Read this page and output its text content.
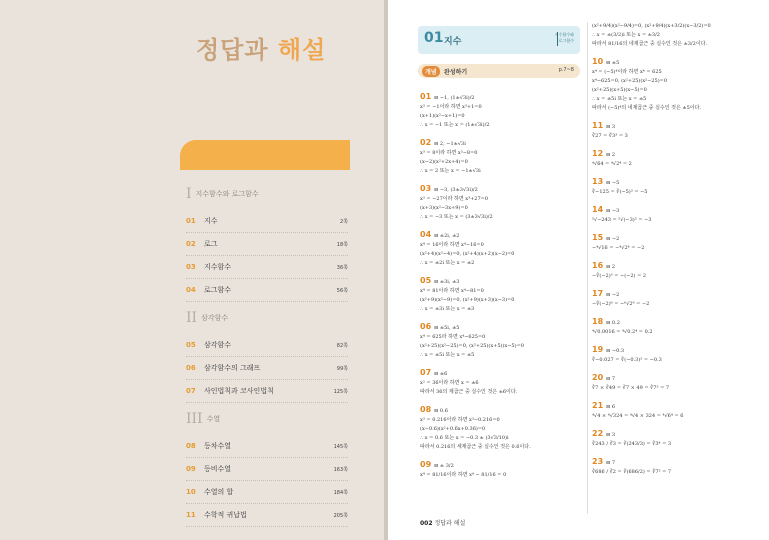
정답과 해설
I 지수함수와 로그함수
01	지수	2쪽
02	로그	18쪽
03	지수함수	36쪽
04	로그함수	56쪽
II 삼각함수
05	삼각함수	82쪽
06	삼각함수의 그래프	99쪽
07	사인법칙과 코사인법칙	125쪽
III 수열
08	등차수열	145쪽
09	등비수열	163쪽
10	수열의 합	184쪽
11	수학적 귀납법	205쪽
01 지수
지수함수와
로그함수
개념	완성하기	p.7~8
01 ⊟ −1, (1±√3i)/2
x³ = −1이라 하면 x³+1=0
(x+1)(x²−x+1)=0
∴ x = −1 또는 x = (1±√3i)/2
02 ⊟ 2, −1±√3i
x³ = 8이라 하면 x³−8=0
(x−2)(x²+2x+4)=0
∴ x = 2 또는 x = −1±√3i
03 ⊟ −3, (3±3√3i)/2
x³ = −27이라 하면 x³+27=0
(x+3)(x²−3x+9)=0
∴ x = −3 또는 x = (3±3√3i)/2
04 ⊟ ±2i, ±2
x⁴ = 16이라 하면 x⁴−16=0
(x²+4)(x²−4)=0, (x²+4)(x+2)(x−2)=0
∴ x = ±2i 또는 x = ±2
05 ⊟ ±3i, ±3
x⁴ = 81이라 하면 x⁴−81=0
(x²+9)(x²−9)=0, (x²+9)(x+3)(x−3)=0
∴ x = ±3i 또는 x = ±3
06 ⊟ ±5i, ±5
x⁴ = 625라 하면 x⁴−625=0
(x²+25)(x²−25)=0, (x²+25)(x+5)(x−5)=0
∴ x = ±5i 또는 x = ±5
07 ⊟ ±6
x² = 36이라 하면 x = ±6
따라서 36의 제곱근 중 실수인 것은 ±6이다.
08 ⊟ 0.6
x³ = 0.216이라 하면 x³−0.216=0
(x−0.6)(x²+0.6x+0.36)=0
∴ x = 0.6 또는 x = −0.3 ± (3√3/10)i
따라서 0.216의 세제곱근 중 실수인 것은 0.6이다.
09 ⊟ ± 3/2
x⁴ = 81/16이라 하면 x⁴ − 81/16 = 0
(x²+9/4)(x²−9/4)=0, (x²+9/4)(x+3/2)(x−3/2)=0
∴ x = ±(3/2)i 또는 x = ±3/2
따라서 81/16의 네제곱근 중 실수인 것은 ±3/2이다.
10 ⊟ ±5
x⁴ = (−5)⁴이라 하면 x⁴ = 625
x⁴−625=0, (x²+25)(x²−25)=0
(x²+25)(x+5)(x−5)=0
∴ x = ±5i 또는 x = ±5
따라서 (−5)⁴의 네제곱근 중 실수인 것은 ±5이다.
11 ⊟ 3
∛27 = ∛3³ = 3
12 ⊟ 2
⁴√64 = ⁴√2⁴ = 2
13 ⊟ −5
∛−125 = ∛(−5)³ = −5
14 ⊟ −3
⁵√−243 = ⁵√(−3)⁵ = −3
15 ⊟ −2
−⁴√16 = −⁴√2⁴ = −2
16 ⊟ 2
−∛(−2)³ = −(−2) = 2
17 ⊟ −2
−∛(−2)⁶ = −⁶√2⁶ = −2
18 ⊟ 0.2
⁴√0.0016 = ⁴√0.2⁴ = 0.2
19 ⊟ −0.3
∛−0.027 = ∛(−0.3)³ = −0.3
20 ⊟ 7
∛7 × ∛49 = ∛7 × 49 = ∛7³ = 7
21 ⊟ 6
⁴√4 × ⁴√324 = ⁴√4 × 324 = ⁴√6⁴ = 6
22 ⊟ 3
∛243 / ∛3 = ∛(243/3) = ∛3⁴ = 3
23 ⊟ 7
∛686 / ∛2 = ∛(686/2) = ∛7³ = 7
002 정답과 해설
